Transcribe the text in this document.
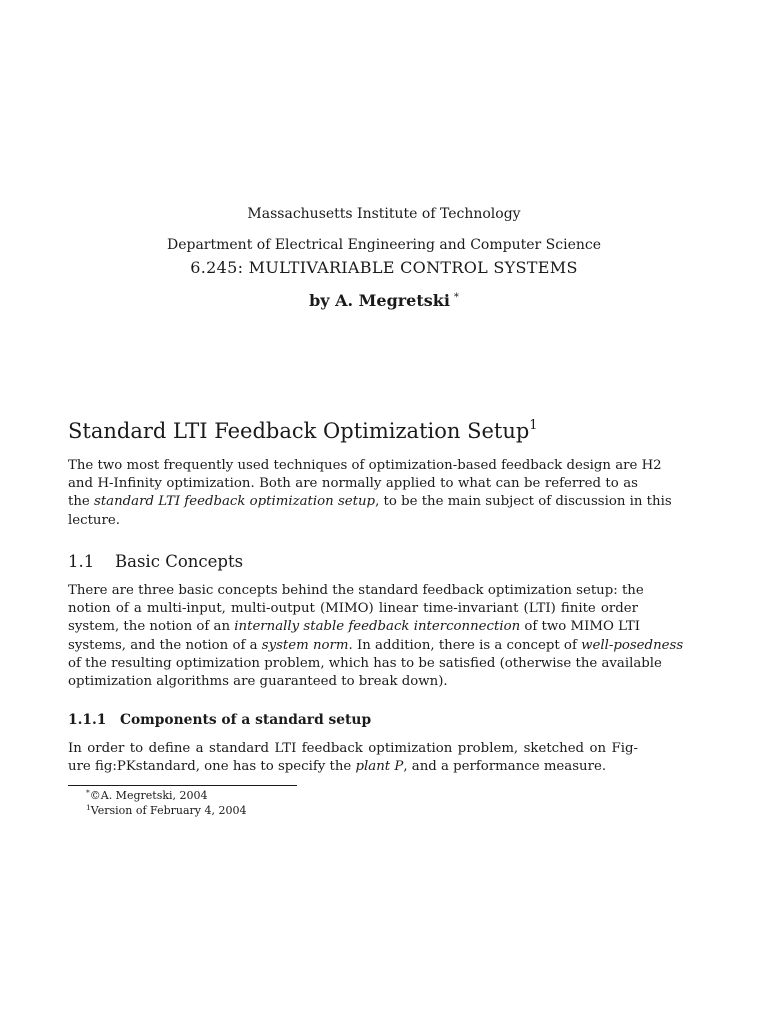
Massachusetts Institute of Technology
Department of Electrical Engineering and Computer Science
6.245: MULTIVARIABLE CONTROL SYSTEMS
by A. Megretski *
Standard LTI Feedback Optimization Setup$^1$
The two most frequently used techniques of optimization-based feedback design are H2
and H-Infinity optimization. Both are normally applied to what can be referred to as
the standard LTI feedback optimization setup, to be the main subject of discussion in this
lecture.
1.1 Basic Concepts
There are three basic concepts behind the standard feedback optimization setup: the
notion of a multi-input, multi-output (MIMO) linear time-invariant (LTI) finite order
system, the notion of an internally stable feedback interconnection of two MIMO LTI
systems, and the notion of a system norm. In addition, there is a concept of well-posedness
of the resulting optimization problem, which has to be satisfied (otherwise the available
optimization algorithms are guaranteed to break down).
1.1.1 Components of a standard setup
In order to define a standard LTI feedback optimization problem, sketched on Fig-
ure fig:PKstandard, one has to specify the plant P, and a performance measure.
*©A. Megretski, 2004
$^1$Version of February 4, 2004
